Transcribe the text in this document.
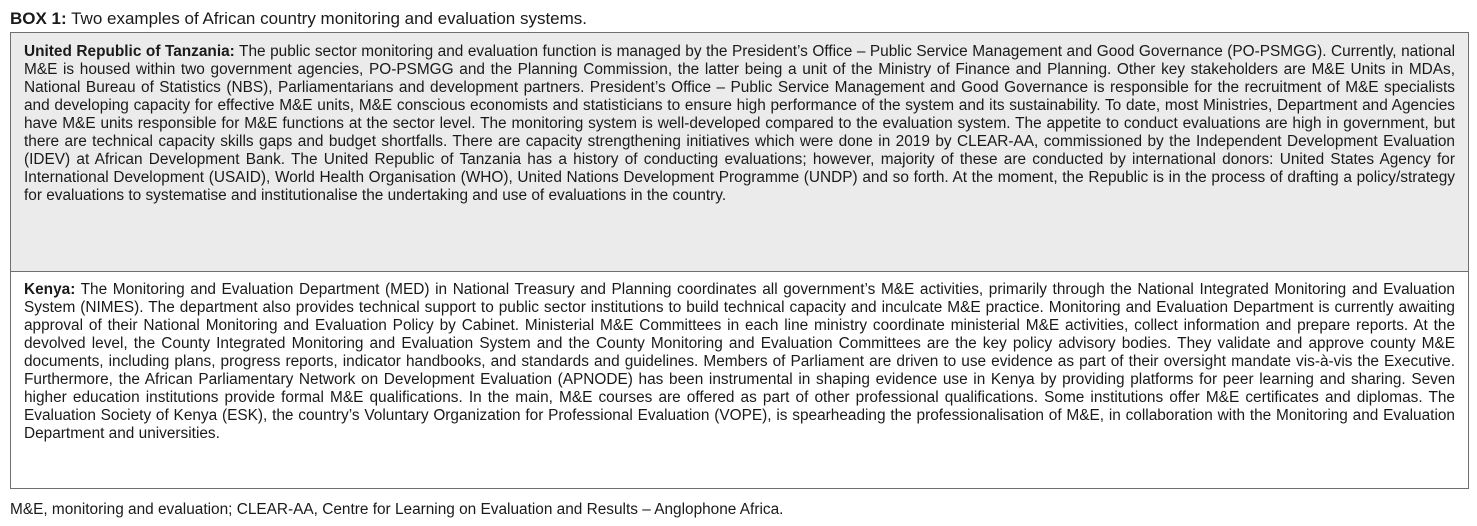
BOX 1: Two examples of African country monitoring and evaluation systems.
United Republic of Tanzania: The public sector monitoring and evaluation function is managed by the President’s Office – Public Service Management and Good Governance (PO-PSMGG). Currently, national M&E is housed within two government agencies, PO-PSMGG and the Planning Commission, the latter being a unit of the Ministry of Finance and Planning. Other key stakeholders are M&E Units in MDAs, National Bureau of Statistics (NBS), Parliamentarians and development partners. President’s Office – Public Service Management and Good Governance is responsible for the recruitment of M&E specialists and developing capacity for effective M&E units, M&E conscious economists and statisticians to ensure high performance of the system and its sustainability. To date, most Ministries, Department and Agencies have M&E units responsible for M&E functions at the sector level. The monitoring system is well-developed compared to the evaluation system. The appetite to conduct evaluations are high in government, but there are technical capacity skills gaps and budget shortfalls. There are capacity strengthening initiatives which were done in 2019 by CLEAR-AA, commissioned by the Independent Development Evaluation (IDEV) at African Development Bank. The United Republic of Tanzania has a history of conducting evaluations; however, majority of these are conducted by international donors: United States Agency for International Development (USAID), World Health Organisation (WHO), United Nations Development Programme (UNDP) and so forth. At the moment, the Republic is in the process of drafting a policy/strategy for evaluations to systematise and institutionalise the undertaking and use of evaluations in the country.
Kenya: The Monitoring and Evaluation Department (MED) in National Treasury and Planning coordinates all government’s M&E activities, primarily through the National Integrated Monitoring and Evaluation System (NIMES). The department also provides technical support to public sector institutions to build technical capacity and inculcate M&E practice. Monitoring and Evaluation Department is currently awaiting approval of their National Monitoring and Evaluation Policy by Cabinet. Ministerial M&E Committees in each line ministry coordinate ministerial M&E activities, collect information and prepare reports. At the devolved level, the County Integrated Monitoring and Evaluation System and the County Monitoring and Evaluation Committees are the key policy advisory bodies. They validate and approve county M&E documents, including plans, progress reports, indicator handbooks, and standards and guidelines. Members of Parliament are driven to use evidence as part of their oversight mandate vis-à-vis the Executive. Furthermore, the African Parliamentary Network on Development Evaluation (APNODE) has been instrumental in shaping evidence use in Kenya by providing platforms for peer learning and sharing. Seven higher education institutions provide formal M&E qualifications. In the main, M&E courses are offered as part of other professional qualifications. Some institutions offer M&E certificates and diplomas. The Evaluation Society of Kenya (ESK), the country’s Voluntary Organization for Professional Evaluation (VOPE), is spearheading the professionalisation of M&E, in collaboration with the Monitoring and Evaluation Department and universities.
M&E, monitoring and evaluation; CLEAR-AA, Centre for Learning on Evaluation and Results – Anglophone Africa.
